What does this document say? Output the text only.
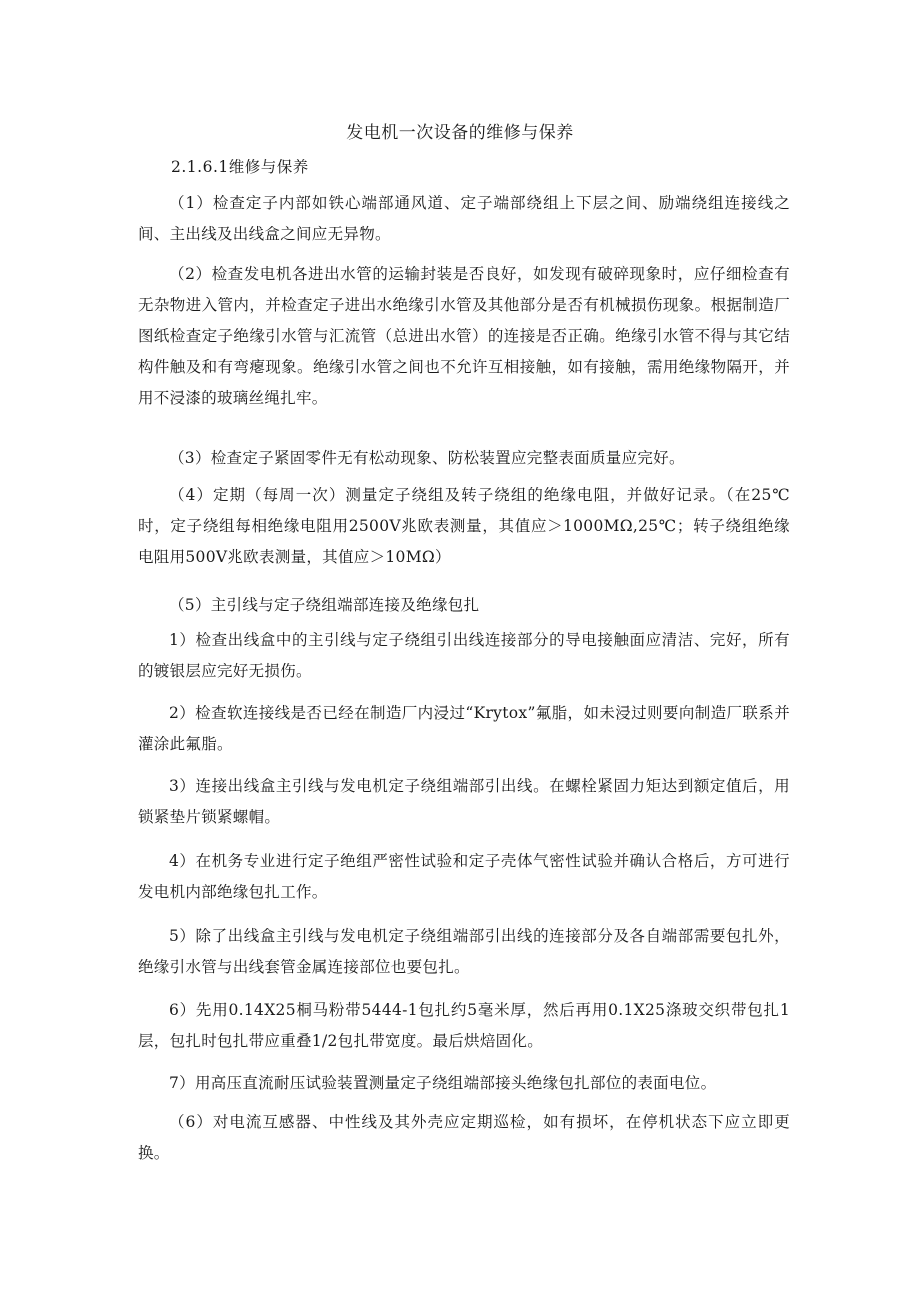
发电机一次设备的维修与保养
2.1.6.1维修与保养

（1）检查定子内部如铁心端部通风道、定子端部绕组上下层之间、励端绕组连接线之间、主出线及出线盒之间应无异物。

（2）检查发电机各进出水管的运输封装是否良好，如发现有破碎现象时，应仔细检查有无杂物进入管内，并检查定子进出水绝缘引水管及其他部分是否有机械损伤现象。根据制造厂图纸检查定子绝缘引水管与汇流管（总进出水管）的连接是否正确。绝缘引水管不得与其它结构件触及和有弯瘪现象。绝缘引水管之间也不允许互相接触，如有接触，需用绝缘物隔开，并用不浸漆的玻璃丝绳扎牢。

（3）检查定子紧固零件无有松动现象、防松装置应完整表面质量应完好。

（4）定期（每周一次）测量定子绕组及转子绕组的绝缘电阻，并做好记录。（在25℃时，定子绕组每相绝缘电阻用2500V兆欧表测量，其值应＞1000MΩ,25℃；转子绕组绝缘电阻用500V兆欧表测量，其值应＞10MΩ）

（5）主引线与定子绕组端部连接及绝缘包扎

1）检查出线盒中的主引线与定子绕组引出线连接部分的导电接触面应清洁、完好，所有的镀银层应完好无损伤。

2）检查软连接线是否已经在制造厂内浸过“Krytox”氟脂，如未浸过则要向制造厂联系并灌涂此氟脂。

3）连接出线盒主引线与发电机定子绕组端部引出线。在螺栓紧固力矩达到额定值后，用锁紧垫片锁紧螺帽。

4）在机务专业进行定子绝组严密性试验和定子壳体气密性试验并确认合格后，方可进行发电机内部绝缘包扎工作。

5）除了出线盒主引线与发电机定子绕组端部引出线的连接部分及各自端部需要包扎外，绝缘引水管与出线套管金属连接部位也要包扎。

6）先用0.14X25桐马粉带5444-1包扎约5毫米厚，然后再用0.1X25涤玻交织带包扎1层，包扎时包扎带应重叠1/2包扎带宽度。最后烘焙固化。

7）用高压直流耐压试验装置测量定子绕组端部接头绝缘包扎部位的表面电位。

（6）对电流互感器、中性线及其外壳应定期巡检，如有损坏，在停机状态下应立即更换。
